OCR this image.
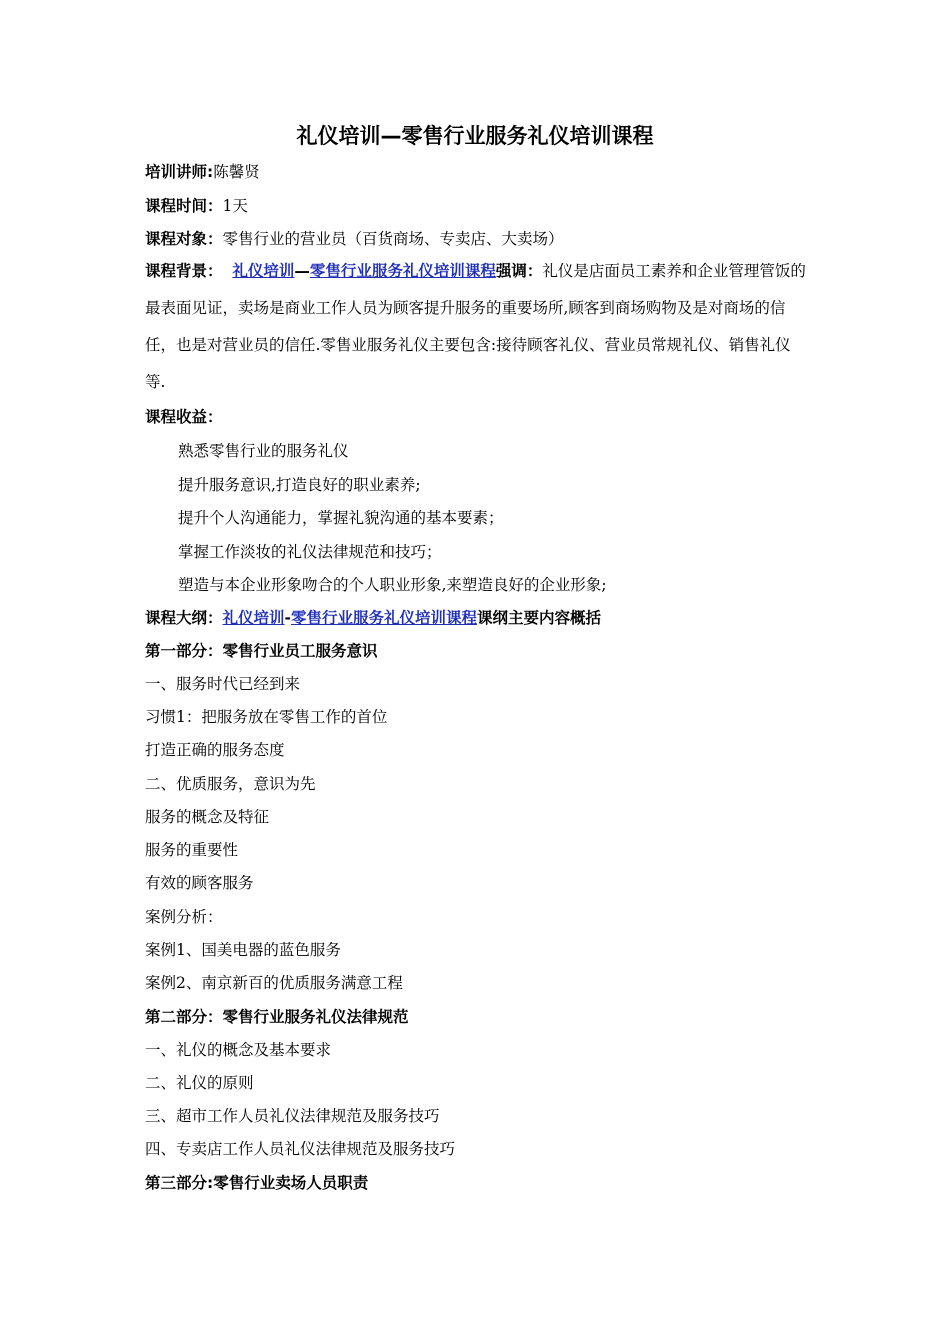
礼仪培训—零售行业服务礼仪培训课程
培训讲师:陈馨贤
课程时间：1天
课程对象：零售行业的营业员（百货商场、专卖店、大卖场）
课程背景： 礼仪培训—零售行业服务礼仪培训课程强调：礼仪是店面员工素养和企业管理管饭的最表面见证，卖场是商业工作人员为顾客提升服务的重要场所,顾客到商场购物及是对商场的信任，也是对营业员的信任.零售业服务礼仪主要包含:接待顾客礼仪、营业员常规礼仪、销售礼仪等.
课程收益：
熟悉零售行业的服务礼仪
提升服务意识,打造良好的职业素养;
提升个人沟通能力，掌握礼貌沟通的基本要素；
掌握工作淡妆的礼仪法律规范和技巧；
塑造与本企业形象吻合的个人职业形象,来塑造良好的企业形象;
课程大纲：礼仪培训-零售行业服务礼仪培训课程课纲主要内容概括
第一部分：零售行业员工服务意识
一、服务时代已经到来
习惯1：把服务放在零售工作的首位
打造正确的服务态度
二、优质服务，意识为先
服务的概念及特征
服务的重要性
有效的顾客服务
案例分析：
案例1、国美电器的蓝色服务
案例2、南京新百的优质服务满意工程
第二部分：零售行业服务礼仪法律规范
一、礼仪的概念及基本要求
二、礼仪的原则
三、超市工作人员礼仪法律规范及服务技巧
四、专卖店工作人员礼仪法律规范及服务技巧
第三部分:零售行业卖场人员职责
